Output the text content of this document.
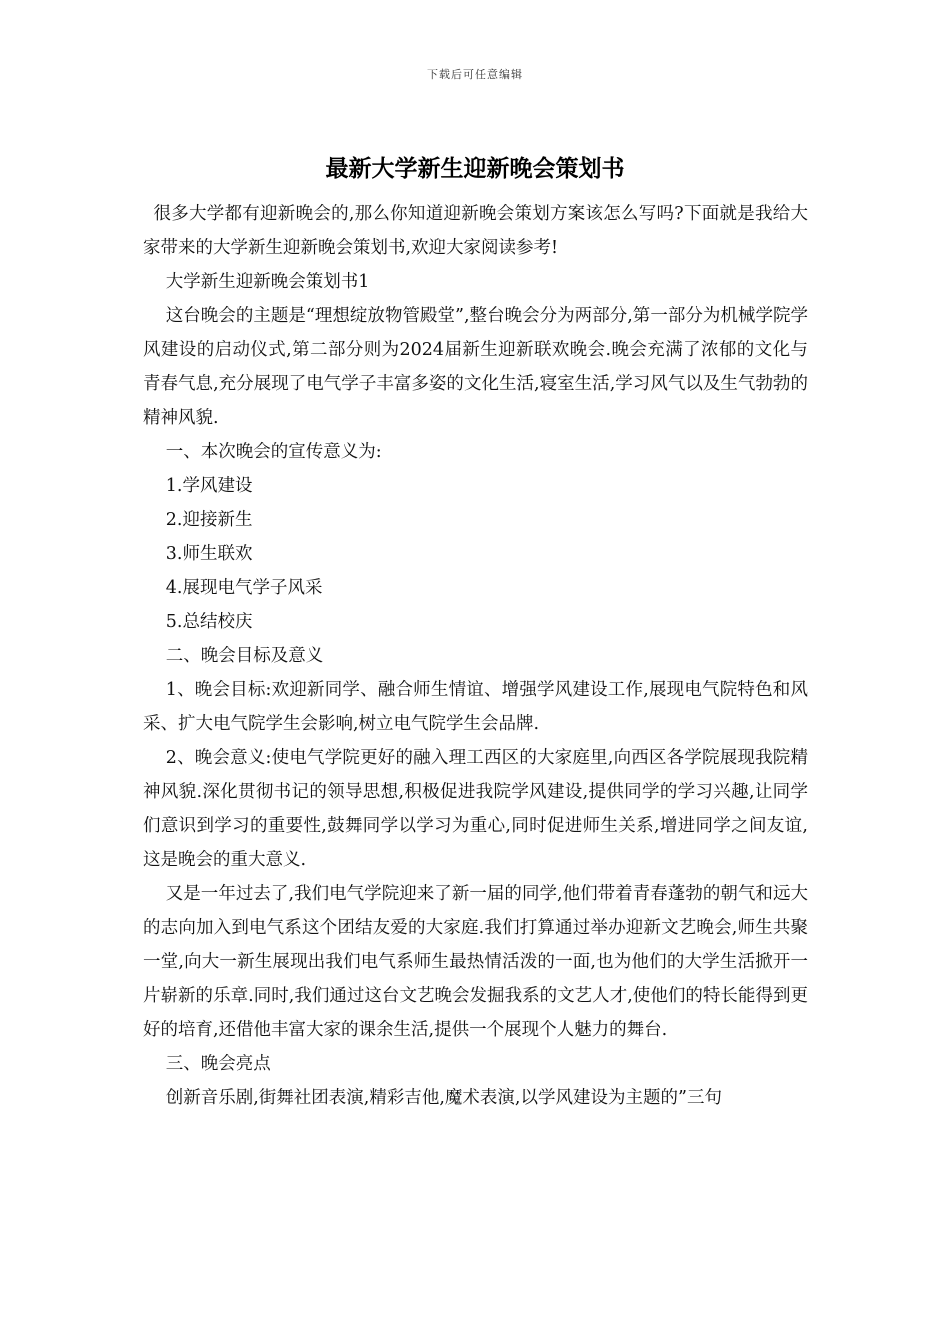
下载后可任意编辑
最新大学新生迎新晚会策划书

很多大学都有迎新晚会的,那么你知道迎新晚会策划方案该怎么写吗?下面就是我给大家带来的大学新生迎新晚会策划书,欢迎大家阅读参考!

大学新生迎新晚会策划书1

这台晚会的主题是“理想绽放物管殿堂”,整台晚会分为两部分,第一部分为机械学院学风建设的启动仪式,第二部分则为2024届新生迎新联欢晚会.晚会充满了浓郁的文化与青春气息,充分展现了电气学子丰富多姿的文化生活,寝室生活,学习风气以及生气勃勃的精神风貌.

一、本次晚会的宣传意义为:

1.学风建设

2.迎接新生

3.师生联欢

4.展现电气学子风采

5.总结校庆

二、晚会目标及意义

1、晚会目标:欢迎新同学、融合师生情谊、增强学风建设工作,展现电气院特色和风采、扩大电气院学生会影响,树立电气院学生会品牌.

2、晚会意义:使电气学院更好的融入理工西区的大家庭里,向西区各学院展现我院精神风貌.深化贯彻书记的领导思想,积极促进我院学风建设,提供同学的学习兴趣,让同学们意识到学习的重要性,鼓舞同学以学习为重心,同时促进师生关系,增进同学之间友谊,这是晚会的重大意义.

又是一年过去了,我们电气学院迎来了新一届的同学,他们带着青春蓬勃的朝气和远大的志向加入到电气系这个团结友爱的大家庭.我们打算通过举办迎新文艺晚会,师生共聚一堂,向大一新生展现出我们电气系师生最热情活泼的一面,也为他们的大学生活掀开一片崭新的乐章.同时,我们通过这台文艺晚会发掘我系的文艺人才,使他们的特长能得到更好的培育,还借他丰富大家的课余生活,提供一个展现个人魅力的舞台.

三、晚会亮点

创新音乐剧,街舞社团表演,精彩吉他,魔术表演,以学风建设为主题的”三句
